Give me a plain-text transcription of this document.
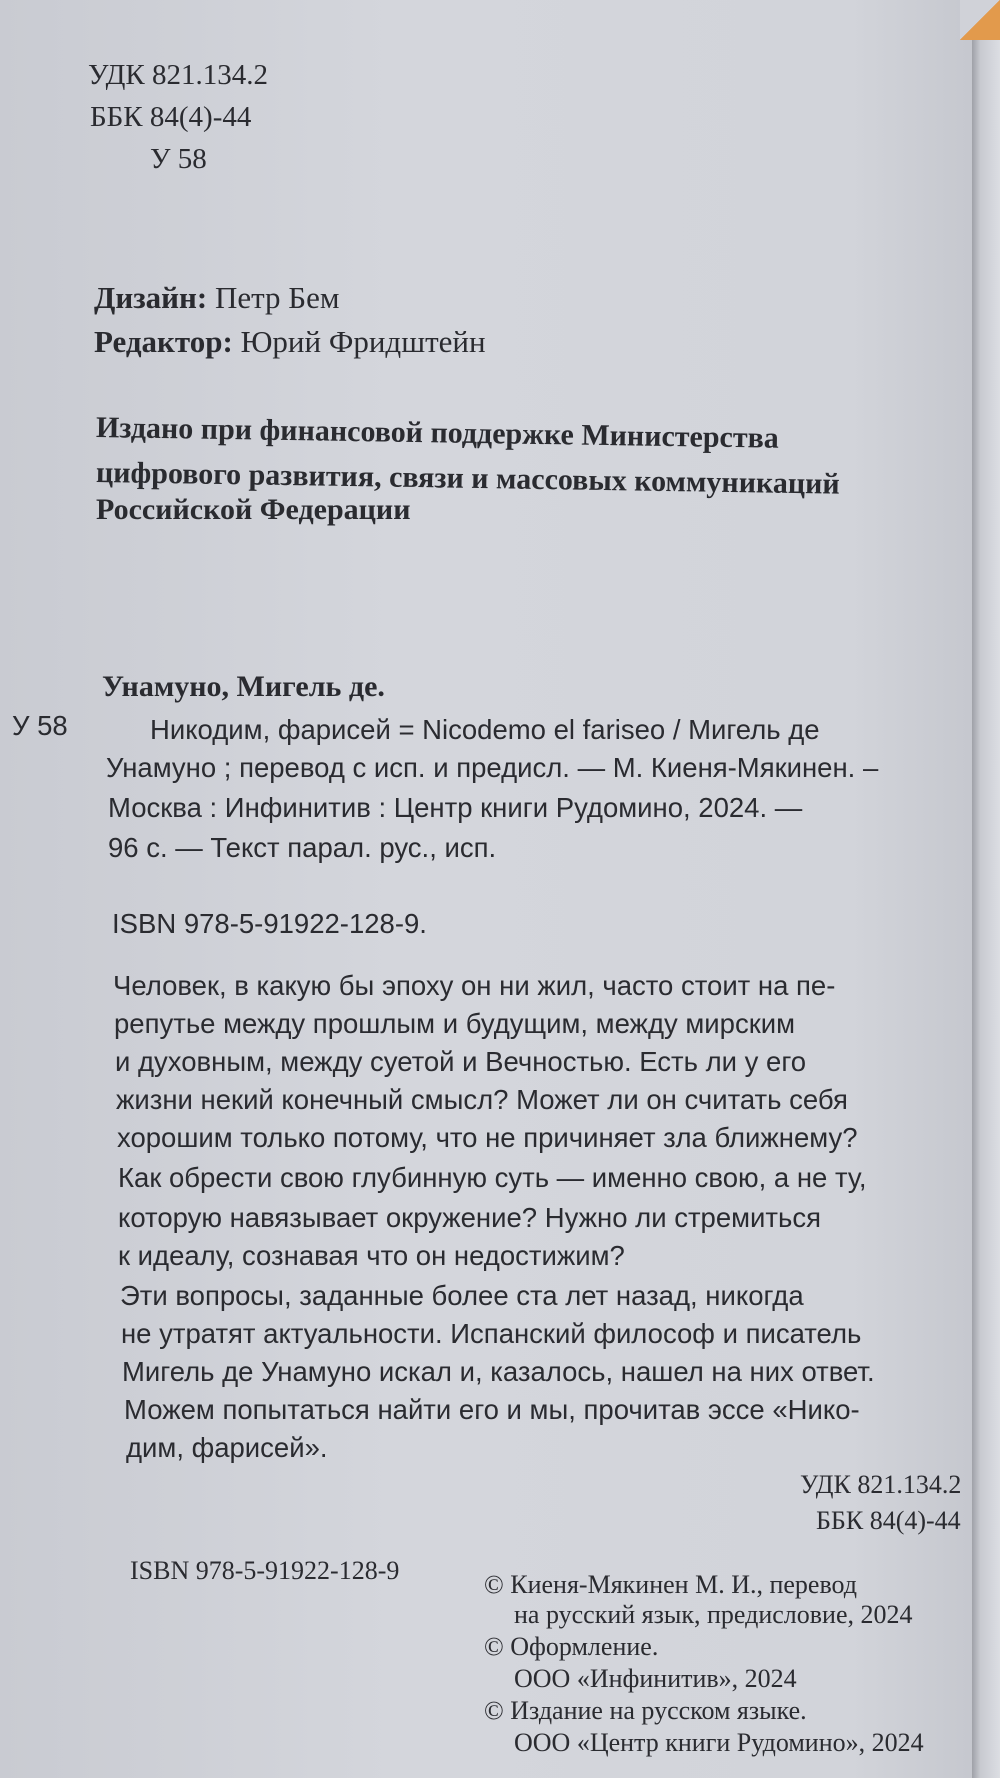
УДК 821.134.2
ББК 84(4)-44
У 58
Дизайн: Петр Бем
Редактор: Юрий Фридштейн
Издано при финансовой поддержке Министерства
цифрового развития, связи и массовых коммуникаций
Российской Федерации
Унамуно, Мигель де.
У 58	Никодим, фарисей = Nicodemo el fariseo / Мигель де
Унамуно ; перевод с исп. и предисл. — М. Киеня-Мякинен. –
Москва : Инфинитив : Центр книги Рудомино, 2024. —
96 с. — Текст парал. рус., исп.
ISBN 978-5-91922-128-9.
Человек, в какую бы эпоху он ни жил, часто стоит на пе-
репутье между прошлым и будущим, между мирским
и духовным, между суетой и Вечностью. Есть ли у его
жизни некий конечный смысл? Может ли он считать себя
хорошим только потому, что не причиняет зла ближнему?
Как обрести свою глубинную суть — именно свою, а не ту,
которую навязывает окружение? Нужно ли стремиться
к идеалу, сознавая что он недостижим?
Эти вопросы, заданные более ста лет назад, никогда
не утратят актуальности. Испанский философ и писатель
Мигель де Унамуно искал и, казалось, нашел на них ответ.
Можем попытаться найти его и мы, прочитав эссе «Нико-
дим, фарисей».
УДК 821.134.2
ББК 84(4)-44
ISBN 978-5-91922-128-9	© Киеня-Мякинен М. И., перевод
на русский язык, предисловие, 2024
© Оформление.
ООО «Инфинитив», 2024
© Издание на русском языке.
ООО «Центр книги Рудомино», 2024
